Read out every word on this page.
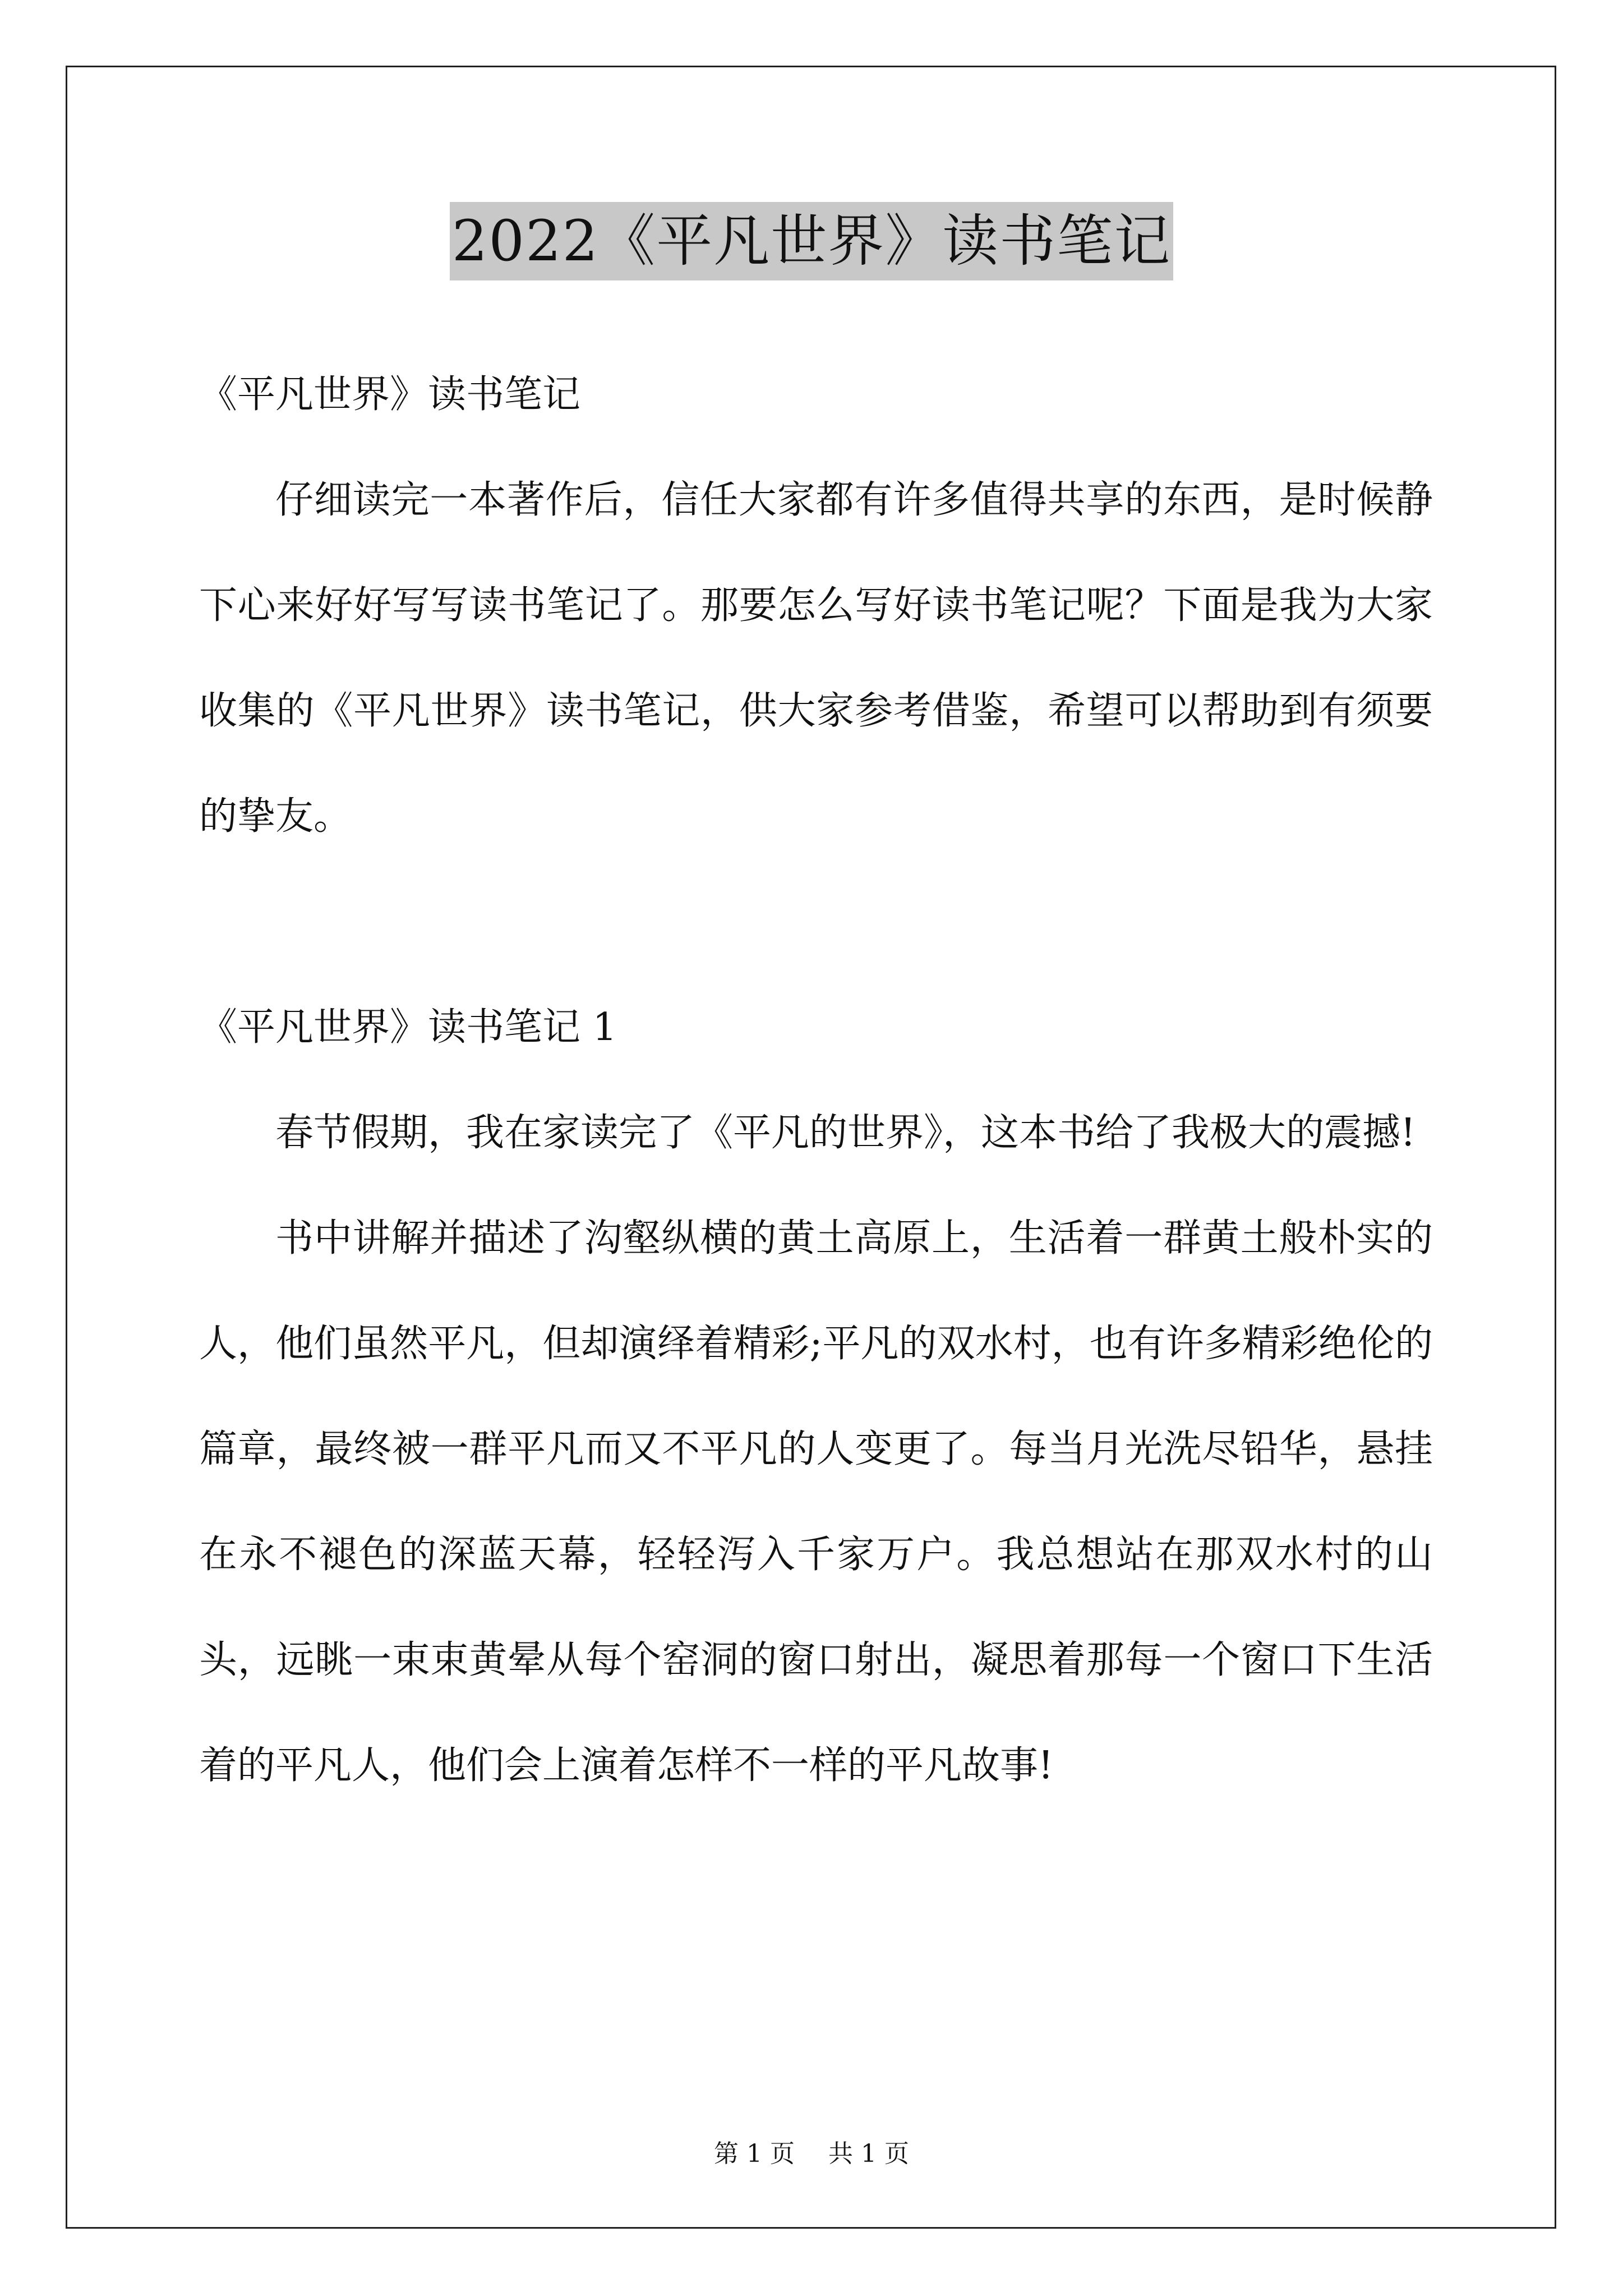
2022《平凡世界》读书笔记

《平凡世界》读书笔记

仔细读完一本著作后，信任大家都有许多值得共享的东西，是时候静下心来好好写写读书笔记了。那要怎么写好读书笔记呢？下面是我为大家收集的《平凡世界》读书笔记，供大家参考借鉴，希望可以帮助到有须要的挚友。

《平凡世界》读书笔记 1

春节假期，我在家读完了《平凡的世界》，这本书给了我极大的震撼!

书中讲解并描述了沟壑纵横的黄土高原上，生活着一群黄土般朴实的人，他们虽然平凡，但却演绎着精彩;平凡的双水村，也有许多精彩绝伦的篇章，最终被一群平凡而又不平凡的人变更了。每当月光洗尽铅华，悬挂在永不褪色的深蓝天幕，轻轻泻入千家万户。我总想站在那双水村的山头，远眺一束束黄晕从每个窑洞的窗口射出，凝思着那每一个窗口下生活着的平凡人，他们会上演着怎样不一样的平凡故事!

第 1 页 共 1 页
